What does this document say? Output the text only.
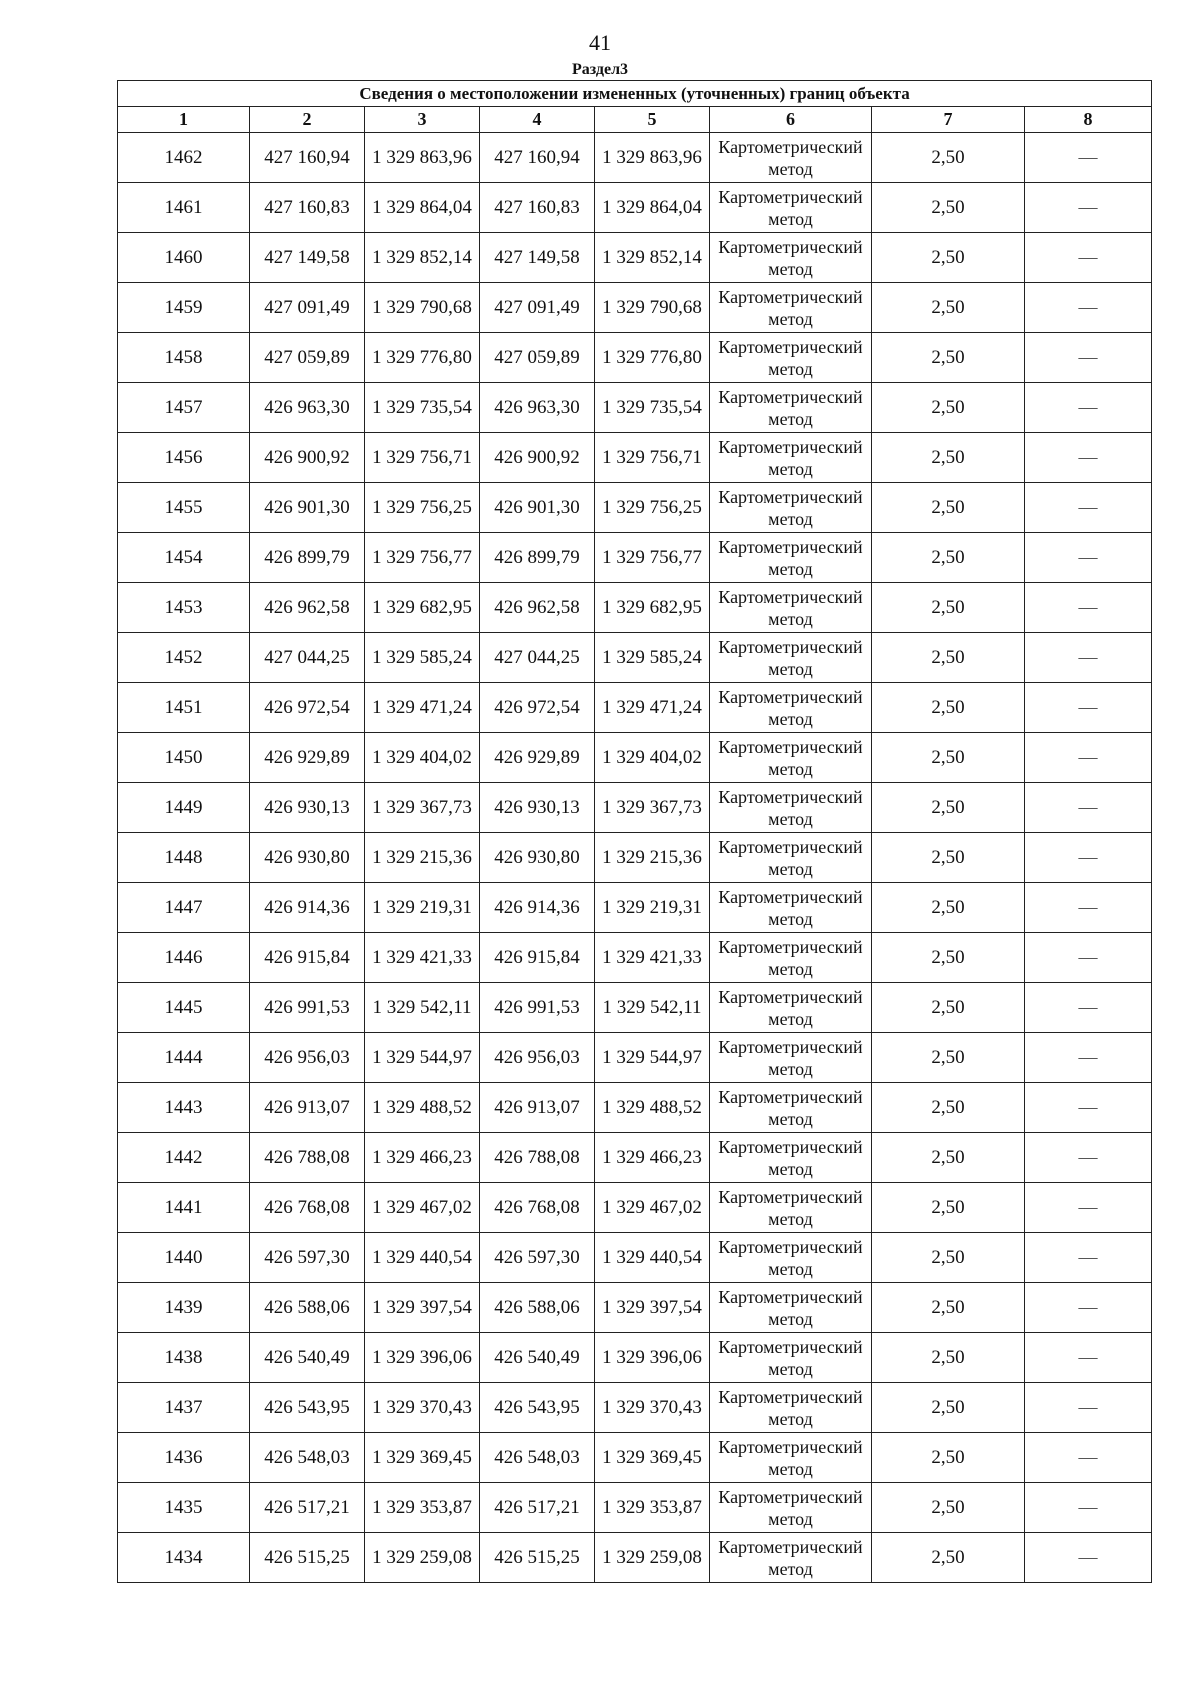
41
Раздел3
Сведения о местоположении измененных (уточненных) границ объекта							
1	2	3	4	5	6	7	8
1462	427 160,94	1 329 863,96	427 160,94	1 329 863,96	Картометрический метод	2,50	—
1461	427 160,83	1 329 864,04	427 160,83	1 329 864,04	Картометрический метод	2,50	—
1460	427 149,58	1 329 852,14	427 149,58	1 329 852,14	Картометрический метод	2,50	—
1459	427 091,49	1 329 790,68	427 091,49	1 329 790,68	Картометрический метод	2,50	—
1458	427 059,89	1 329 776,80	427 059,89	1 329 776,80	Картометрический метод	2,50	—
1457	426 963,30	1 329 735,54	426 963,30	1 329 735,54	Картометрический метод	2,50	—
1456	426 900,92	1 329 756,71	426 900,92	1 329 756,71	Картометрический метод	2,50	—
1455	426 901,30	1 329 756,25	426 901,30	1 329 756,25	Картометрический метод	2,50	—
1454	426 899,79	1 329 756,77	426 899,79	1 329 756,77	Картометрический метод	2,50	—
1453	426 962,58	1 329 682,95	426 962,58	1 329 682,95	Картометрический метод	2,50	—
1452	427 044,25	1 329 585,24	427 044,25	1 329 585,24	Картометрический метод	2,50	—
1451	426 972,54	1 329 471,24	426 972,54	1 329 471,24	Картометрический метод	2,50	—
1450	426 929,89	1 329 404,02	426 929,89	1 329 404,02	Картометрический метод	2,50	—
1449	426 930,13	1 329 367,73	426 930,13	1 329 367,73	Картометрический метод	2,50	—
1448	426 930,80	1 329 215,36	426 930,80	1 329 215,36	Картометрический метод	2,50	—
1447	426 914,36	1 329 219,31	426 914,36	1 329 219,31	Картометрический метод	2,50	—
1446	426 915,84	1 329 421,33	426 915,84	1 329 421,33	Картометрический метод	2,50	—
1445	426 991,53	1 329 542,11	426 991,53	1 329 542,11	Картометрический метод	2,50	—
1444	426 956,03	1 329 544,97	426 956,03	1 329 544,97	Картометрический метод	2,50	—
1443	426 913,07	1 329 488,52	426 913,07	1 329 488,52	Картометрический метод	2,50	—
1442	426 788,08	1 329 466,23	426 788,08	1 329 466,23	Картометрический метод	2,50	—
1441	426 768,08	1 329 467,02	426 768,08	1 329 467,02	Картометрический метод	2,50	—
1440	426 597,30	1 329 440,54	426 597,30	1 329 440,54	Картометрический метод	2,50	—
1439	426 588,06	1 329 397,54	426 588,06	1 329 397,54	Картометрический метод	2,50	—
1438	426 540,49	1 329 396,06	426 540,49	1 329 396,06	Картометрический метод	2,50	—
1437	426 543,95	1 329 370,43	426 543,95	1 329 370,43	Картометрический метод	2,50	—
1436	426 548,03	1 329 369,45	426 548,03	1 329 369,45	Картометрический метод	2,50	—
1435	426 517,21	1 329 353,87	426 517,21	1 329 353,87	Картометрический метод	2,50	—
1434	426 515,25	1 329 259,08	426 515,25	1 329 259,08	Картометрический метод	2,50	—
